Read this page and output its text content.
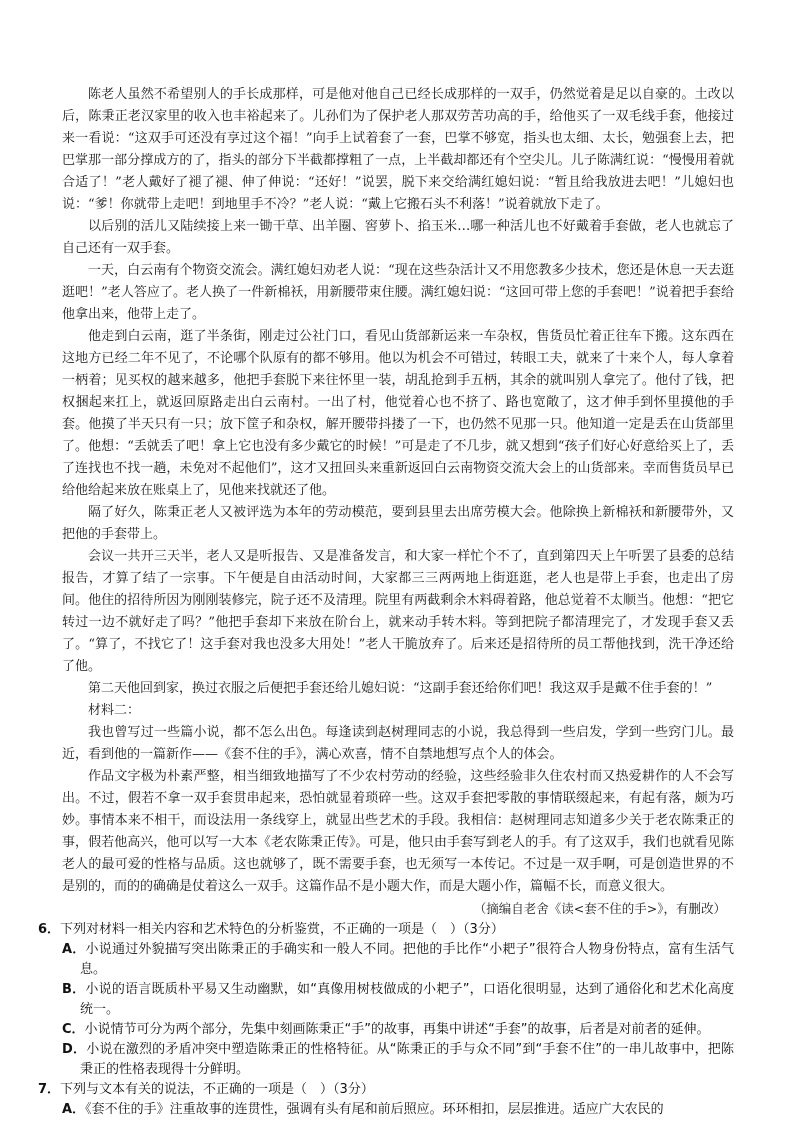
陈老人虽然不希望别人的手长成那样，可是他对他自己已经长成那样的一双手，仍然觉着是足以自豪的。土改以后，陈秉正老汉家里的收入也丰裕起来了。儿孙们为了保护老人那双劳苦功高的手，给他买了一双毛线手套，他接过来一看说：“这双手可还没有享过这个福！”向手上试着套了一套，巴掌不够宽，指头也太细、太长，勉强套上去，把巴掌那一部分撑成方的了，指头的部分下半截都撑粗了一点，上半截却都还有个空尖儿。儿子陈满红说：“慢慢用着就合适了！”老人戴好了褪了褪、伸了伸说：“还好！”说罢，脱下来交给满红媳妇说：“暂且给我放进去吧！”儿媳妇也说：“爹！你就带上走吧！到地里手不冷？”老人说：“戴上它搬石头不利落！”说着就放下走了。

以后别的活儿又陆续接上来一锄干草、出羊圈、窖萝卜、掐玉米…哪一种活儿也不好戴着手套做，老人也就忘了自己还有一双手套。

一天，白云南有个物资交流会。满红媳妇劝老人说：“现在这些杂活计又不用您教多少技术，您还是休息一天去逛逛吧！”老人答应了。老人换了一件新棉袄，用新腰带束住腰。满红媳妇说：“这回可带上您的手套吧！”说着把手套给他拿出来，他带上走了。

他走到白云南，逛了半条街，刚走过公社门口，看见山货部新运来一车杂权，售货员忙着正往车下搬。这东西在这地方已经二年不见了，不论哪个队原有的都不够用。他以为机会不可错过，转眼工夫，就来了十来个人，每人拿着一柄着；见买权的越来越多，他把手套脱下来往怀里一装，胡乱抢到手五柄，其余的就叫别人拿完了。他付了钱，把权捆起来扛上，就返回原路走出白云南村。一出了村，他觉着心也不挤了、路也宽敞了，这才伸手到怀里摸他的手套。他摸了半天只有一只；放下筐子和杂权，解开腰带抖搂了一下，也仍然不见那一只。他知道一定是丢在山货部里了。他想：“丢就丢了吧！拿上它也没有多少戴它的时候！”可是走了不几步，就又想到“孩子们好心好意给买上了，丢了连找也不找一趟，未免对不起他们”，这才又扭回头来重新返回白云南物资交流大会上的山货部来。幸而售货员早已给他给起来放在账桌上了，见他来找就还了他。

隔了好久，陈秉正老人又被评选为本年的劳动模范，要到县里去出席劳模大会。他除换上新棉袄和新腰带外，又把他的手套带上。

会议一共开三天半，老人又是听报告、又是准备发言，和大家一样忙个不了，直到第四天上午听罢了县委的总结报告，才算了结了一宗事。下午便是自由活动时间，大家都三三两两地上街逛逛，老人也是带上手套，也走出了房间。他住的招待所因为刚刚装修完，院子还不及清理。院里有两截剩余木料碍着路，他总觉着不太顺当。他想：“把它转过一边不就好走了吗？”他把手套却下来放在阶台上，就来动手转木料。等到把院子都清理完了，才发现手套又丢了。“算了，不找它了！这手套对我也没多大用处！”老人干脆放弃了。后来还是招待所的员工帮他找到，洗干净还给了他。

第二天他回到家，换过衣服之后便把手套还给儿媳妇说：“这副手套还给你们吧！我这双手是戴不住手套的！”

材料二：

我也曾写过一些篇小说，都不怎么出色。每逢读到赵树理同志的小说，我总得到一些启发，学到一些窍门儿。最近，看到他的一篇新作——《套不住的手》，满心欢喜，情不自禁地想写点个人的体会。

作品文字极为朴素严整，相当细致地描写了不少农村劳动的经验，这些经验非久住农村而又热爱耕作的人不会写出。不过，假若不拿一双手套贯串起来，恐怕就显着琐碎一些。这双手套把零散的事情联缀起来，有起有落，颇为巧妙。事情本来不相干，而设法用一条线穿上，就显出些艺术的手段。我相信：赵树理同志知道多少关于老农陈秉正的事，假若他高兴，他可以写一大本《老农陈秉正传》。可是，他只由手套写到老人的手。有了这双手，我们也就看见陈老人的最可爱的性格与品质。这也就够了，既不需要手套，也无须写一本传记。不过是一双手啊，可是创造世界的不是别的，而的的确确是仗着这么一双手。这篇作品不是小题大作，而是大题小作，篇幅不长，而意义很大。

（摘编自老舍《读<套不住的手>》，有删改）

6．下列对材料一相关内容和艺术特色的分析鉴赏，不正确的一项是（　）（3分）

A．小说通过外貌描写突出陈秉正的手确实和一般人不同。把他的手比作“小耙子”很符合人物身份特点，富有生活气息。

B．小说的语言既质朴平易又生动幽默，如“真像用树枝做成的小耙子”，口语化很明显，达到了通俗化和艺术化高度统一。

C．小说情节可分为两个部分，先集中刻画陈秉正“手”的故事，再集中讲述“手套”的故事，后者是对前者的延伸。

D．小说在激烈的矛盾冲突中塑造陈秉正的性格特征。从“陈秉正的手与众不同”到“手套不住”的一串儿故事中，把陈秉正的性格表现得十分鲜明。

7．下列与文本有关的说法，不正确的一项是（　）（3分）

A．《套不住的手》注重故事的连贯性，强调有头有尾和前后照应。环环相扣，层层推进。适应广大农民的
